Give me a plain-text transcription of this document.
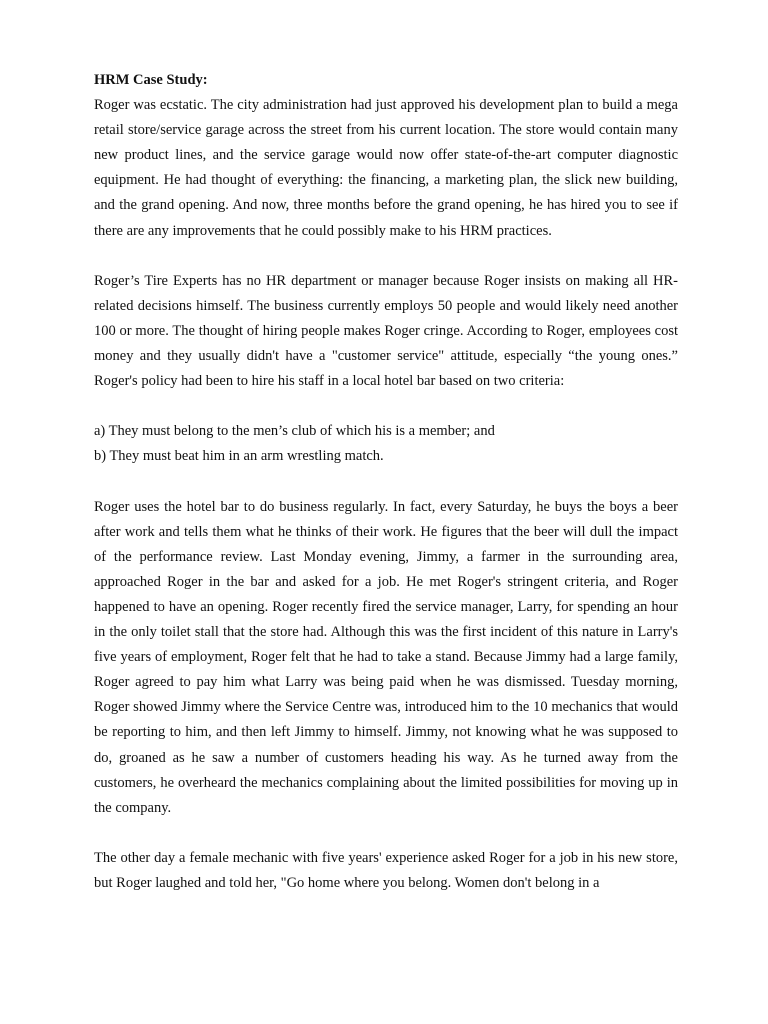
HRM Case Study:

Roger was ecstatic. The city administration had just approved his development plan to build a mega retail store/service garage across the street from his current location. The store would contain many new product lines, and the service garage would now offer state-of-the-art computer diagnostic equipment. He had thought of everything: the financing, a marketing plan, the slick new building, and the grand opening. And now, three months before the grand opening, he has hired you to see if there are any improvements that he could possibly make to his HRM practices.

Roger’s Tire Experts has no HR department or manager because Roger insists on making all HR-related decisions himself. The business currently employs 50 people and would likely need another 100 or more. The thought of hiring people makes Roger cringe. According to Roger, employees cost money and they usually didn't have a "customer service" attitude, especially “the young ones.” Roger's policy had been to hire his staff in a local hotel bar based on two criteria:

a) They must belong to the men’s club of which his is a member; and

b) They must beat him in an arm wrestling match.

Roger uses the hotel bar to do business regularly. In fact, every Saturday, he buys the boys a beer after work and tells them what he thinks of their work. He figures that the beer will dull the impact of the performance review. Last Monday evening, Jimmy, a farmer in the surrounding area, approached Roger in the bar and asked for a job. He met Roger's stringent criteria, and Roger happened to have an opening. Roger recently fired the service manager, Larry, for spending an hour in the only toilet stall that the store had. Although this was the first incident of this nature in Larry's five years of employment, Roger felt that he had to take a stand. Because Jimmy had a large family, Roger agreed to pay him what Larry was being paid when he was dismissed. Tuesday morning, Roger showed Jimmy where the Service Centre was, introduced him to the 10 mechanics that would be reporting to him, and then left Jimmy to himself. Jimmy, not knowing what he was supposed to do, groaned as he saw a number of customers heading his way. As he turned away from the customers, he overheard the mechanics complaining about the limited possibilities for moving up in the company.

The other day a female mechanic with five years' experience asked Roger for a job in his new store, but Roger laughed and told her, "Go home where you belong. Women don't belong in a
